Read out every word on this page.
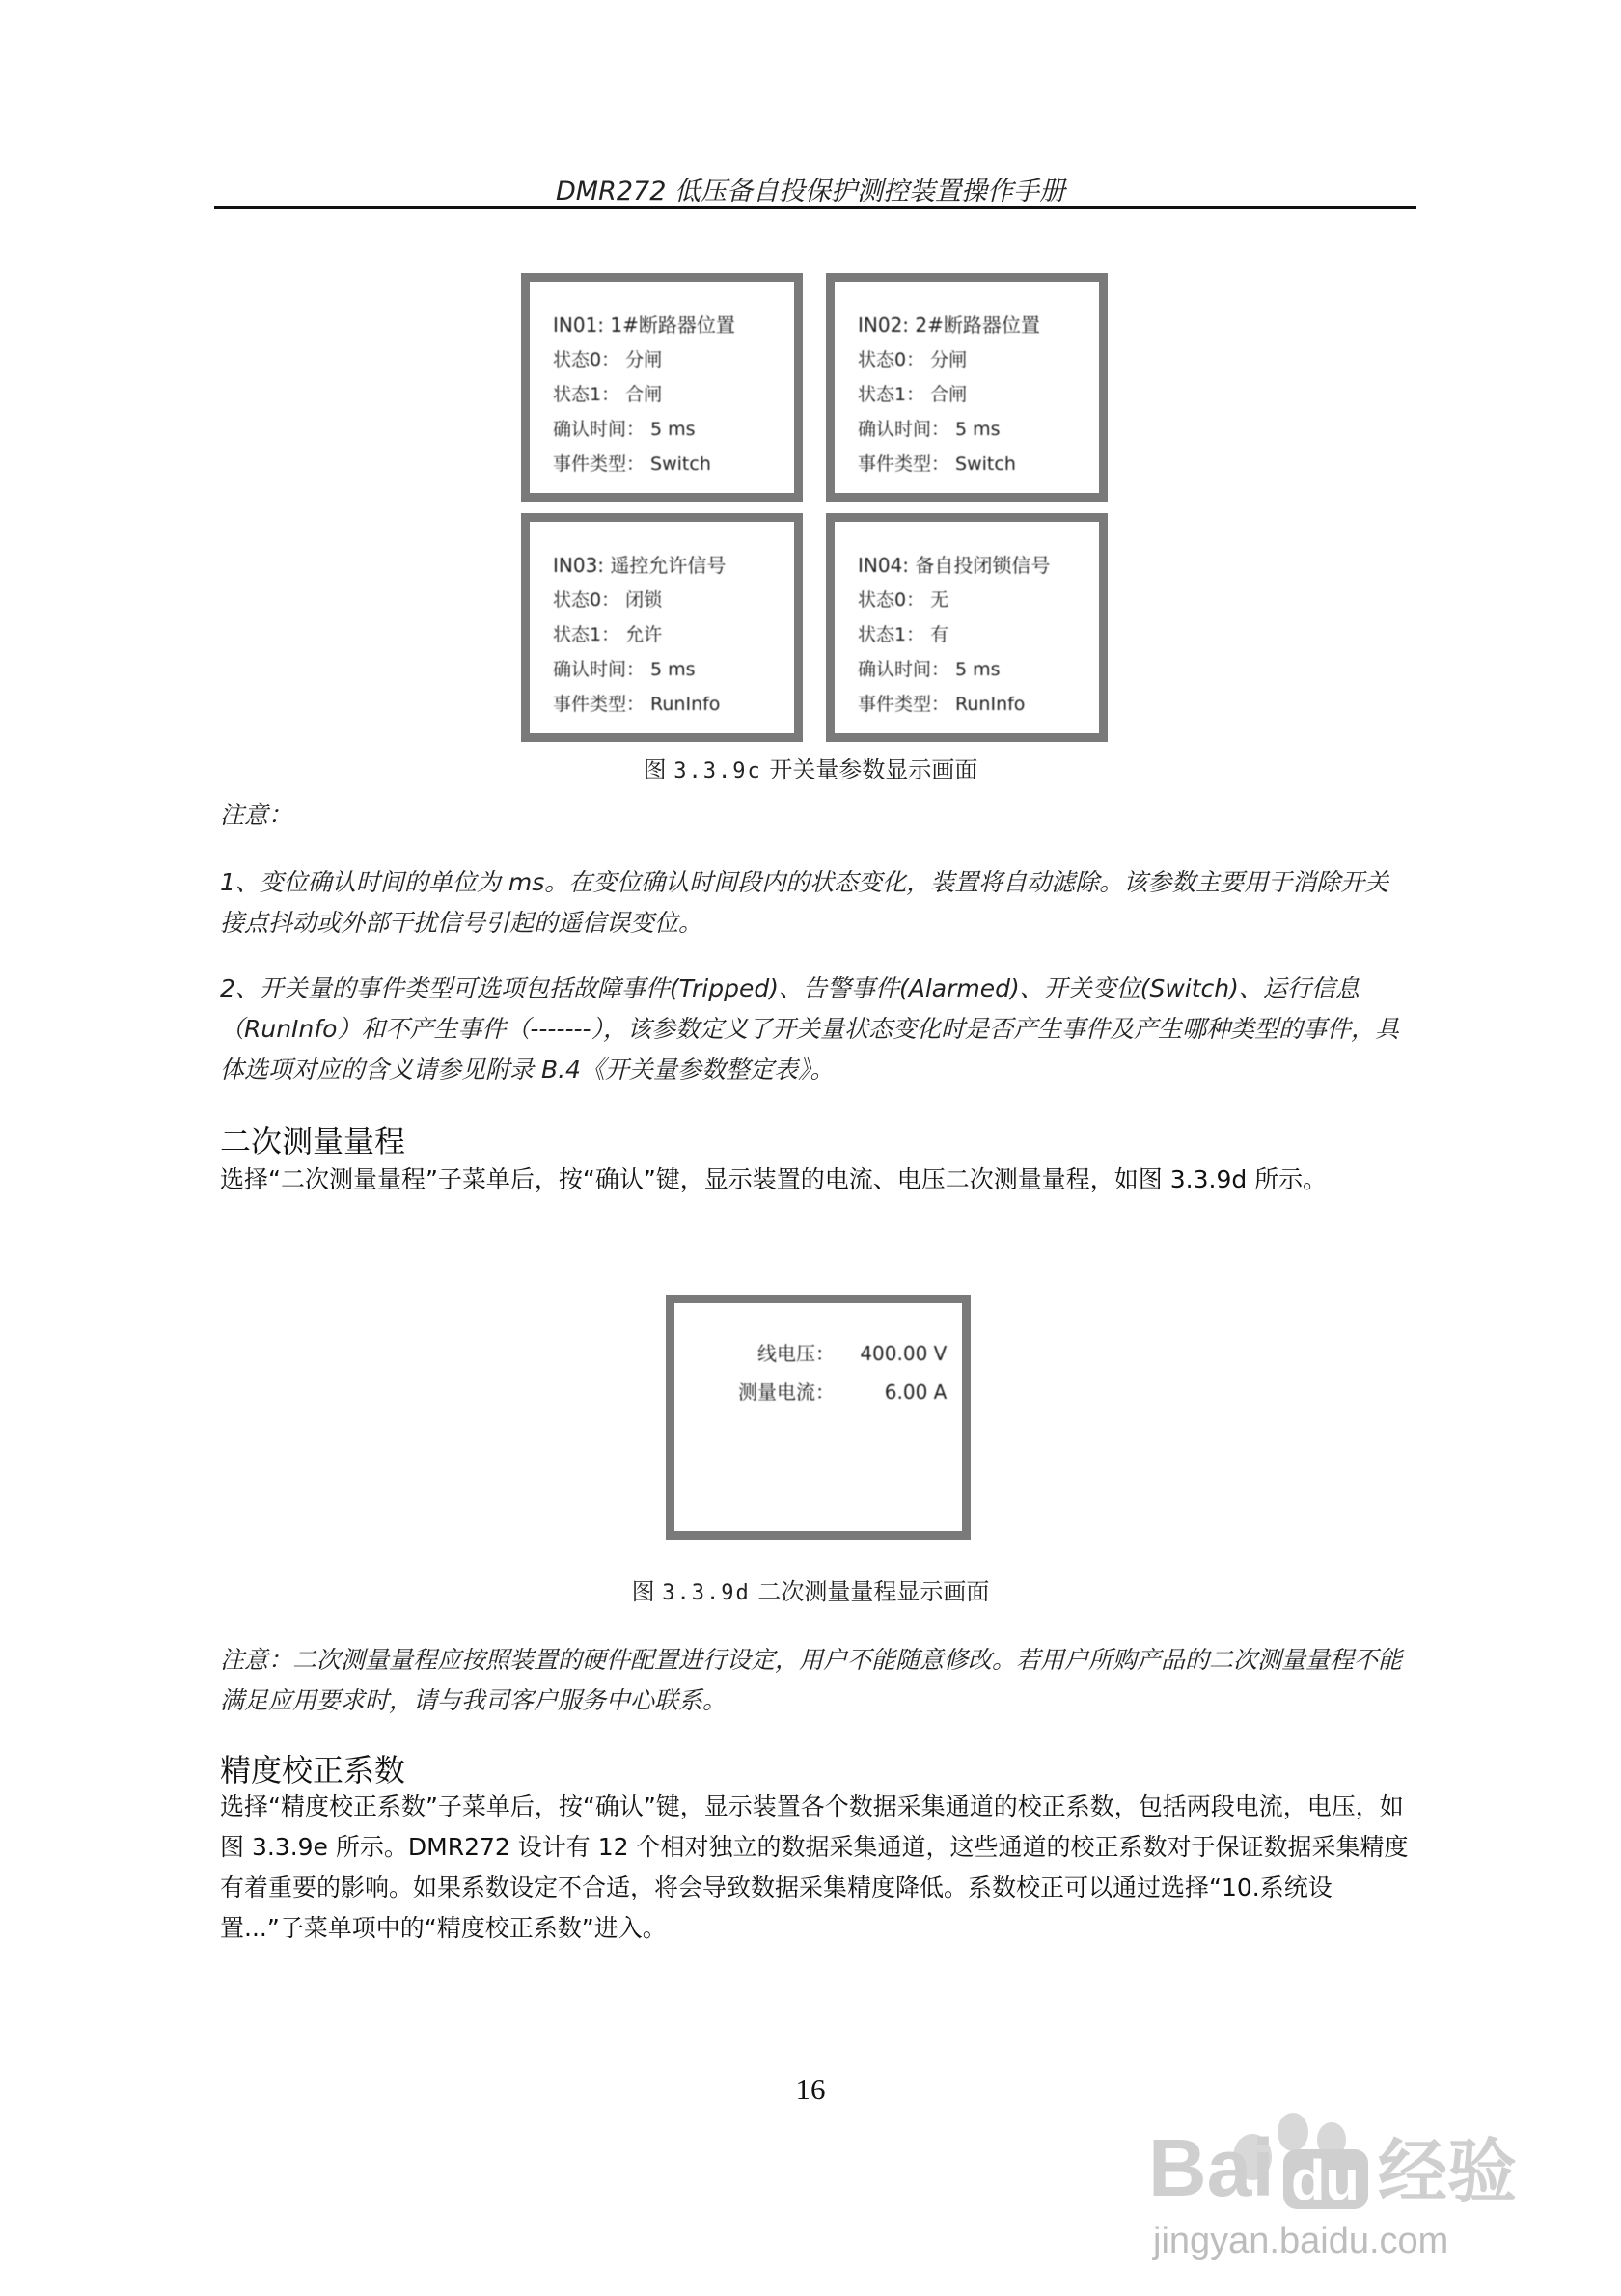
DMR272 低压备自投保护测控装置操作手册
IN01: 1#断路器位置
状态0： 分闸
状态1： 合闸
确认时间： 5 ms
事件类型： Switch
IN02: 2#断路器位置
状态0： 分闸
状态1： 合闸
确认时间： 5 ms
事件类型： Switch
IN03: 遥控允许信号
状态0： 闭锁
状态1： 允许
确认时间： 5 ms
事件类型： RunInfo
IN04: 备自投闭锁信号
状态0： 无
状态1： 有
确认时间： 5 ms
事件类型： RunInfo
图 3.3.9c 开关量参数显示画面
注意：
1、变位确认时间的单位为 ms。在变位确认时间段内的状态变化，装置将自动滤除。该参数主要用于消除开关接点抖动或外部干扰信号引起的遥信误变位。
2、开关量的事件类型可选项包括故障事件(Tripped)、告警事件(Alarmed)、开关变位(Switch)、运行信息（RunInfo）和不产生事件（-------），该参数定义了开关量状态变化时是否产生事件及产生哪种类型的事件，具体选项对应的含义请参见附录 B.4《开关量参数整定表》。
二次测量量程
选择“二次测量量程”子菜单后，按“确认”键，显示装置的电流、电压二次测量量程，如图 3.3.9d 所示。
线电压： 400.00 V
测量电流：	6.00 A
图 3.3.9d 二次测量量程显示画面
注意：二次测量量程应按照装置的硬件配置进行设定，用户不能随意修改。若用户所购产品的二次测量量程不能满足应用要求时，请与我司客户服务中心联系。
精度校正系数
选择“精度校正系数”子菜单后，按“确认”键，显示装置各个数据采集通道的校正系数，包括两段电流，电压，如图 3.3.9e 所示。DMR272 设计有 12 个相对独立的数据采集通道，这些通道的校正系数对于保证数据采集精度有着重要的影响。如果系数设定不合适，将会导致数据采集精度降低。系数校正可以通过选择“10.系统设置...”子菜单项中的“精度校正系数”进入。
16
Bai du 经验
jingyan.baidu.com
